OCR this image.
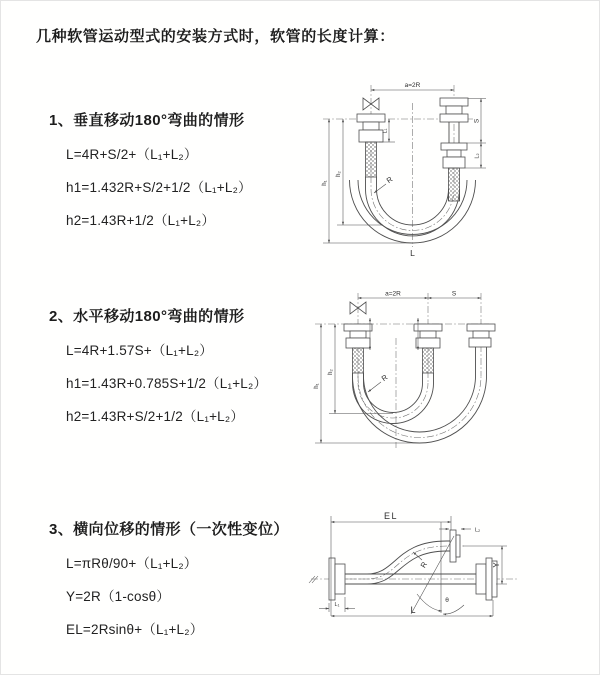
几种软管运动型式的安装方式时，软管的长度计算：
1、垂直移动180°弯曲的情形
L=4R+S/2+（L₁+L₂）
h1=1.432R+S/2+1/2（L₁+L₂）
h2=1.43R+1/2（L₁+L₂）
2、水平移动180°弯曲的情形
L=4R+1.57S+（L₁+L₂）
h1=1.43R+0.785S+1/2（L₁+L₂）
h2=1.43R+S/2+1/2（L₁+L₂）
3、横向位移的情形（一次性变位）
L=πRθ/90+（L₁+L₂）
Y=2R（1-cosθ）
EL=2Rsinθ+（L₁+L₂）
a=2R
S
L₂
L₁
h₁
h₂
R
L
a=2R	S
h₁
h₂
R
θ
EL
L₂
Y
L
L₁
R
